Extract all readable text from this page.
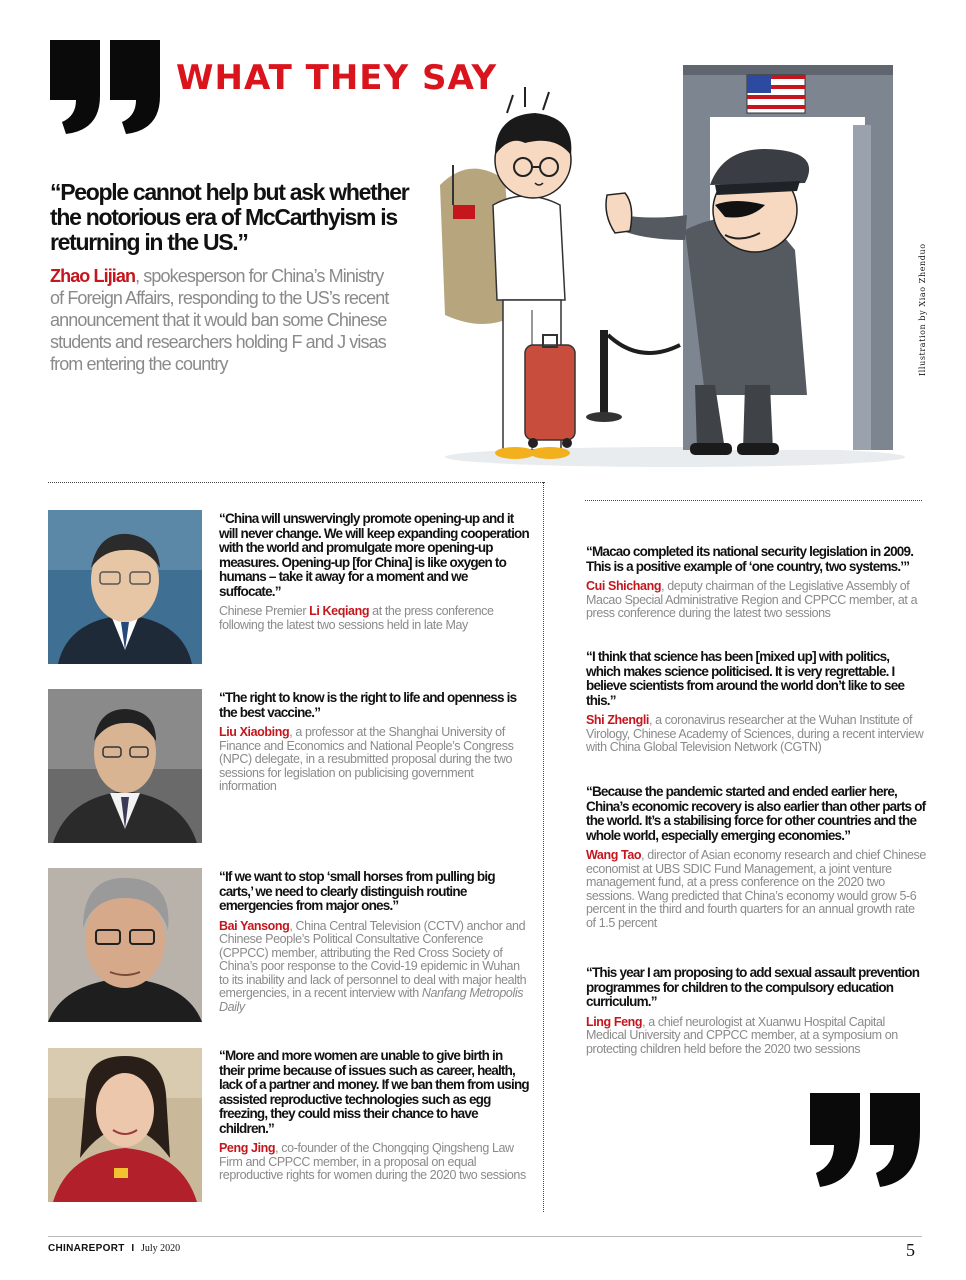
WHAT THEY SAY
“People cannot help but ask whether the notorious era of McCarthyism is returning in the US.”
Zhao Lijian, spokesperson for China’s Ministry of Foreign Affairs, responding to the US’s recent announcement that it would ban some Chinese students and researchers holding F and J visas from entering the country	Illustration by Xiao Zhenduo
“China will unswervingly promote opening-up and it will never change. We will keep expanding cooperation with the world and promulgate more opening-up measures. Opening-up [for China] is like oxygen to humans – take it away for a moment and we suffocate.”
Chinese Premier Li Keqiang at the press conference following the latest two sessions held in late May
“The right to know is the right to life and openness is the best vaccine.”
Liu Xiaobing, a professor at the Shanghai University of Finance and Economics and National People’s Congress (NPC) delegate, in a resubmitted proposal during the two sessions for legislation on publicising government information
“If we want to stop ‘small horses from pulling big carts,’ we need to clearly distinguish routine emergencies from major ones.”
Bai Yansong, China Central Television (CCTV) anchor and Chinese People’s Political Consultative Conference (CPPCC) member, attributing the Red Cross Society of China’s poor response to the Covid-19 epidemic in Wuhan to its inability and lack of personnel to deal with major health emergencies, in a recent interview with Nanfang Metropolis Daily
“More and more women are unable to give birth in their prime because of issues such as career, health, lack of a partner and money. If we ban them from using assisted reproductive technologies such as egg freezing, they could miss their chance to have children.”
Peng Jing, co-founder of the Chongqing Qingsheng Law Firm and CPPCC member, in a proposal on equal reproductive rights for women during the 2020 two sessions
“Macao completed its national security legislation in 2009. This is a positive example of ‘one country, two systems.’”
Cui Shichang, deputy chairman of the Legislative Assembly of Macao Special Administrative Region and CPPCC member, at a press conference during the latest two sessions
“I think that science has been [mixed up] with politics, which makes science politicised. It is very regrettable. I believe scientists from around the world don’t like to see this.”
Shi Zhengli, a coronavirus researcher at the Wuhan Institute of Virology, Chinese Academy of Sciences, during a recent interview with China Global Television Network (CGTN)
“Because the pandemic started and ended earlier here, China’s economic recovery is also earlier than other parts of the world. It’s a stabilising force for other countries and the whole world, especially emerging economies.”
Wang Tao, director of Asian economy research and chief Chinese economist at UBS SDIC Fund Management, a joint venture management fund, at a press conference on the 2020 two sessions. Wang predicted that China’s economy would grow 5-6 percent in the third and fourth quarters for an annual growth rate of 1.5 percent
“This year I am proposing to add sexual assault prevention programmes for children to the compulsory education curriculum.”
Ling Feng, a chief neurologist at Xuanwu Hospital Capital Medical University and CPPCC member, at a symposium on protecting children held before the 2020 two sessions
CHINAREPORT I July 2020	5
